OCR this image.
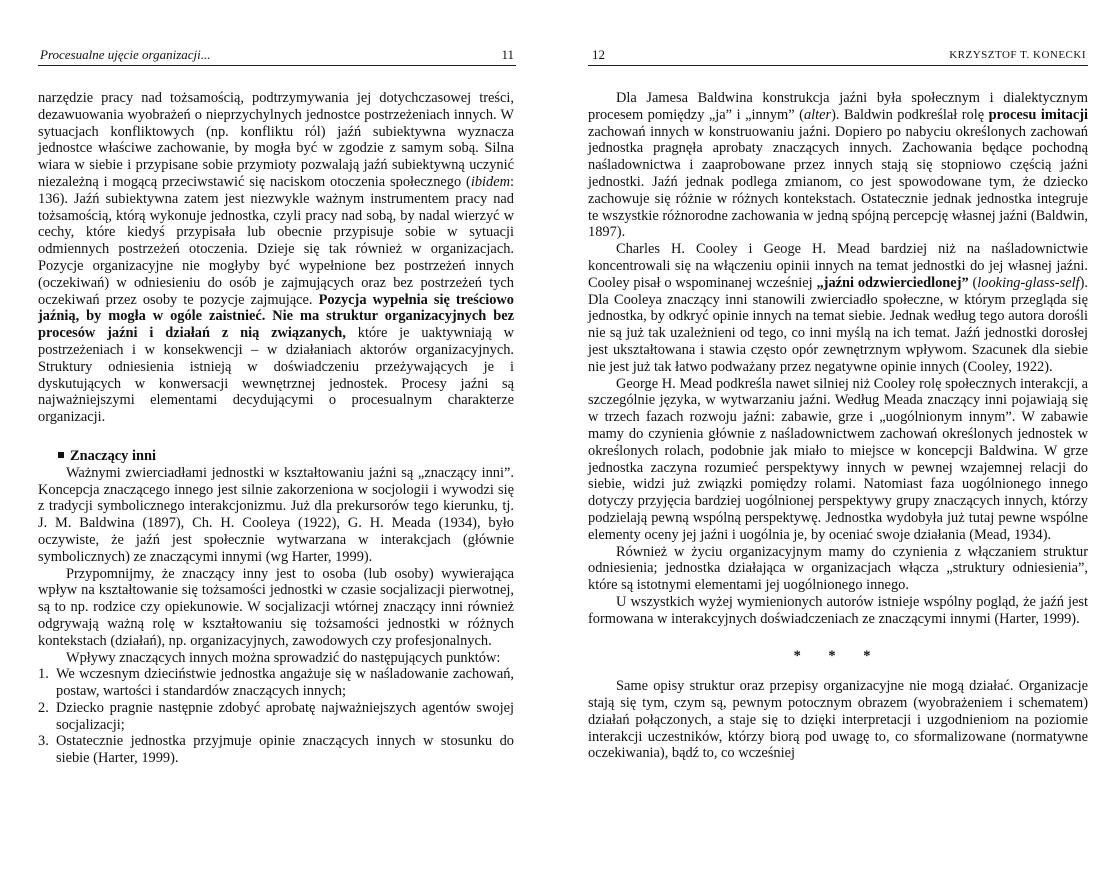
Procesualne ujęcie organizacji...	11

narzędzie pracy nad tożsamością, podtrzymywania jej dotychczasowej treści, dezawuowania wyobrażeń o nieprzychylnych jednostce postrzeżeniach innych. W sytuacjach konfliktowych (np. konfliktu ról) jaźń subiektywna wyznacza jednostce właściwe zachowanie, by mogła być w zgodzie z samym sobą. Silna wiara w siebie i przypisane sobie przymioty pozwalają jaźń subiektywną uczynić niezależną i mogącą przeciwstawić się naciskom otoczenia społecznego (ibidem: 136). Jaźń subiektywna zatem jest niezwykle ważnym instrumentem pracy nad tożsamością, którą wykonuje jednostka, czyli pracy nad sobą, by nadal wierzyć w cechy, które kiedyś przypisała lub obecnie przypisuje sobie w sytuacji odmiennych postrzeżeń otoczenia. Dzieje się tak również w organizacjach. Pozycje organizacyjne nie mogłyby być wypełnione bez postrzeżeń innych (oczekiwań) w odniesieniu do osób je zajmujących oraz bez postrzeżeń tych oczekiwań przez osoby te pozycje zajmujące. Pozycja wypełnia się treściowo jaźnią, by mogła w ogóle zaistnieć. Nie ma struktur organizacyjnych bez procesów jaźni i działań z nią związanych, które je uaktywniają w postrzeżeniach i w konsekwencji – w działaniach aktorów organizacyjnych. Struktury odniesienia istnieją w doświadczeniu przeżywających je i dyskutujących w konwersacji wewnętrznej jednostek. Procesy jaźni są najważniejszymi elementami decydującymi o procesualnym charakterze organizacji.

Znaczący inni

Ważnymi zwierciadłami jednostki w kształtowaniu jaźni są „znaczący inni”. Koncepcja znaczącego innego jest silnie zakorzeniona w socjologii i wywodzi się z tradycji symbolicznego interakcjonizmu. Już dla prekursorów tego kierunku, tj. J. M. Baldwina (1897), Ch. H. Cooleya (1922), G. H. Meada (1934), było oczywiste, że jaźń jest społecznie wytwarzana w interakcjach (głównie symbolicznych) ze znaczącymi innymi (wg Harter, 1999).

Przypomnijmy, że znaczący inny jest to osoba (lub osoby) wywierająca wpływ na kształtowanie się tożsamości jednostki w czasie socjalizacji pierwotnej, są to np. rodzice czy opiekunowie. W socjalizacji wtórnej znaczący inni również odgrywają ważną rolę w kształtowaniu się tożsamości jednostki w różnych kontekstach (działań), np. organizacyjnych, zawodowych czy profesjonalnych.

Wpływy znaczących innych można sprowadzić do następujących punktów:

1. We wczesnym dzieciństwie jednostka angażuje się w naśladowanie zachowań, postaw, wartości i standardów znaczących innych;
2. Dziecko pragnie następnie zdobyć aprobatę najważniejszych agentów swojej socjalizacji;
3. Ostatecznie jednostka przyjmuje opinie znaczących innych w stosunku do siebie (Harter, 1999).
12	KRZYSZTOF T. KONECKI

Dla Jamesa Baldwina konstrukcja jaźni była społecznym i dialektycznym procesem pomiędzy „ja” i „innym” (alter). Baldwin podkreślał rolę procesu imitacji zachowań innych w konstruowaniu jaźni. Dopiero po nabyciu określonych zachowań jednostka pragnęła aprobaty znaczących innych. Zachowania będące pochodną naśladownictwa i zaaprobowane przez innych stają się stopniowo częścią jaźni jednostki. Jaźń jednak podlega zmianom, co jest spowodowane tym, że dziecko zachowuje się różnie w różnych kontekstach. Ostatecznie jednak jednostka integruje te wszystkie różnorodne zachowania w jedną spójną percepcję własnej jaźni (Baldwin, 1897).

Charles H. Cooley i Geoge H. Mead bardziej niż na naśladownictwie koncentrowali się na włączeniu opinii innych na temat jednostki do jej własnej jaźni. Cooley pisał o wspominanej wcześniej „jaźni odzwierciedlonej” (looking-glass-self). Dla Cooleya znaczący inni stanowili zwierciadło społeczne, w którym przegląda się jednostka, by odkryć opinie innych na temat siebie. Jednak według tego autora dorośli nie są już tak uzależnieni od tego, co inni myślą na ich temat. Jaźń jednostki dorosłej jest ukształtowana i stawia często opór zewnętrznym wpływom. Szacunek dla siebie nie jest już tak łatwo podważany przez negatywne opinie innych (Cooley, 1922).

George H. Mead podkreśla nawet silniej niż Cooley rolę społecznych interakcji, a szczególnie języka, w wytwarzaniu jaźni. Według Meada znaczący inni pojawiają się w trzech fazach rozwoju jaźni: zabawie, grze i „uogólnionym innym”. W zabawie mamy do czynienia głównie z naśladownictwem zachowań określonych jednostek w określonych rolach, podobnie jak miało to miejsce w koncepcji Baldwina. W grze jednostka zaczyna rozumieć perspektywy innych w pewnej wzajemnej relacji do siebie, widzi już związki pomiędzy rolami. Natomiast faza uogólnionego innego dotyczy przyjęcia bardziej uogólnionej perspektywy grupy znaczących innych, którzy podzielają pewną wspólną perspektywę. Jednostka wydobyła już tutaj pewne wspólne elementy oceny jej jaźni i uogólnia je, by oceniać swoje działania (Mead, 1934).

Również w życiu organizacyjnym mamy do czynienia z włączaniem struktur odniesienia; jednostka działająca w organizacjach włącza „struktury odniesienia”, które są istotnymi elementami jej uogólnionego innego.

U wszystkich wyżej wymienionych autorów istnieje wspólny pogląd, że jaźń jest formowana w interakcyjnych doświadczeniach ze znaczącymi innymi (Harter, 1999).

* * *

Same opisy struktur oraz przepisy organizacyjne nie mogą działać. Organizacje stają się tym, czym są, pewnym potocznym obrazem (wyobrażeniem i schematem) działań połączonych, a staje się to dzięki interpretacji i uzgodnieniom na poziomie interakcji uczestników, którzy biorą pod uwagę to, co sformalizowane (normatywne oczekiwania), bądź to, co wcześniej
